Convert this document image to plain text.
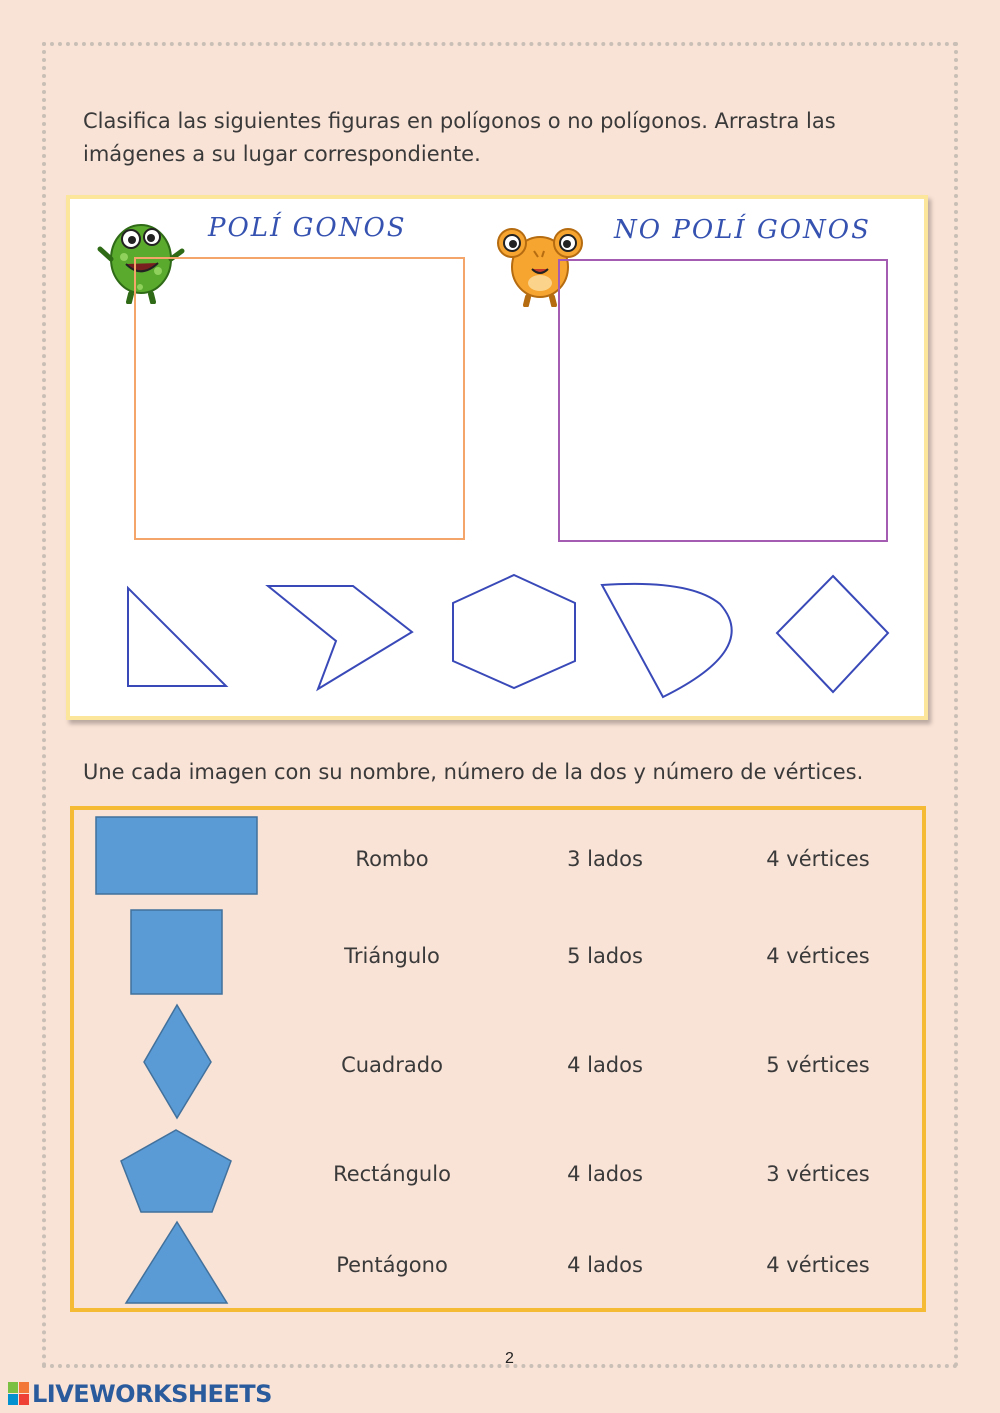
Clasifica las siguientes figuras en polígonos o no polígonos. Arrastra las imágenes a su lugar correspondiente.

POLÍ GONOS	NO POLÍ GONOS

Une cada imagen con su nombre, número de la dos y número de vértices.

Rombo	3 lados	4 vértices
Triángulo	5 lados	4 vértices
Cuadrado	4 lados	5 vértices
Rectángulo	4 lados	3 vértices
Pentágono	4 lados	4 vértices
2
LIVEWORKSHEETS
